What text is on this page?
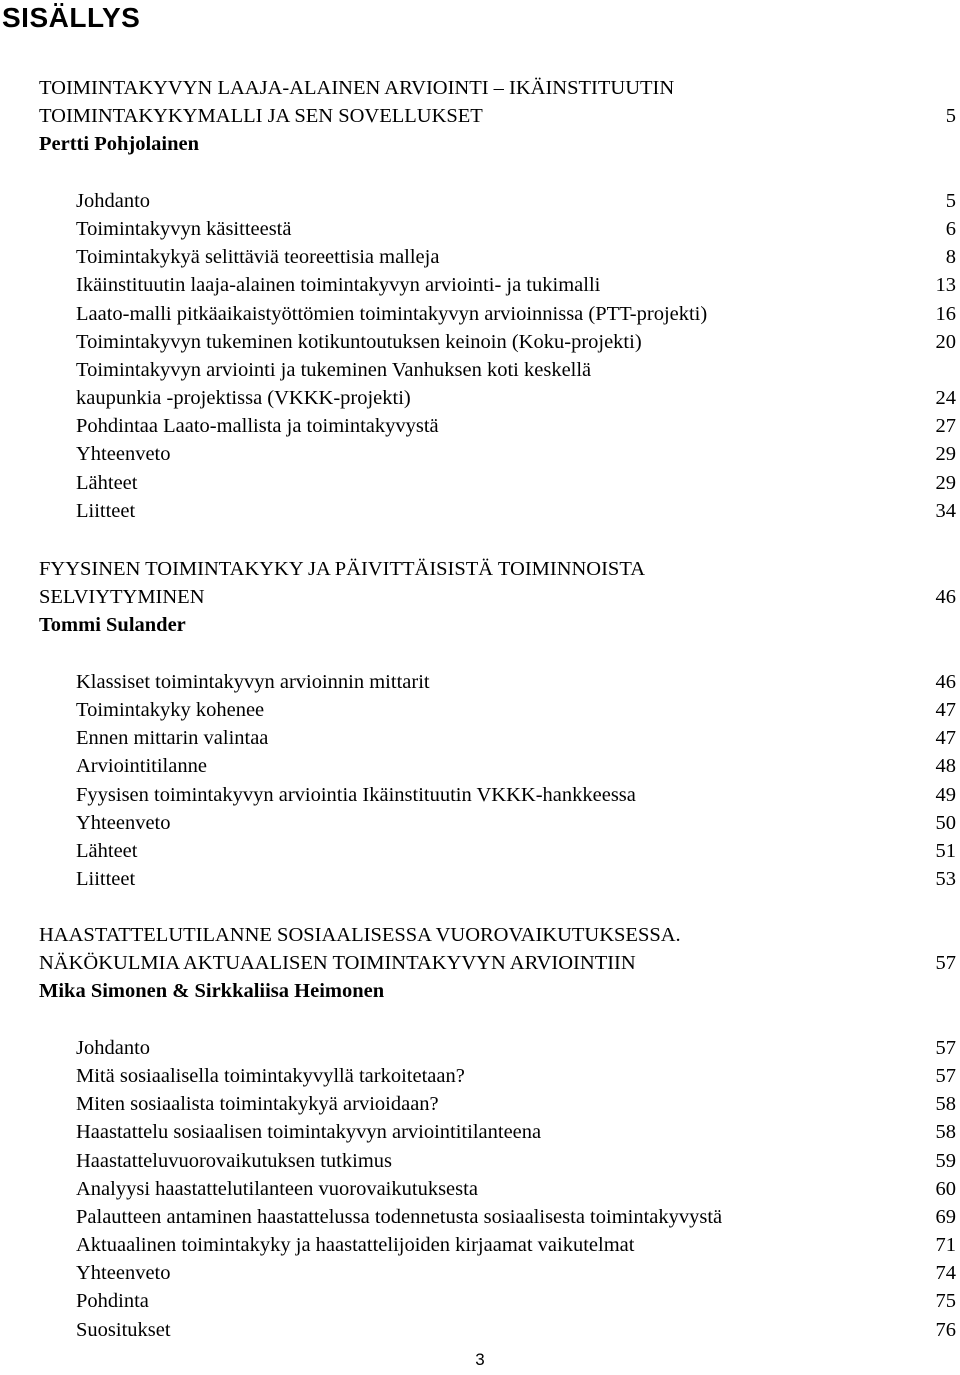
SISÄLLYS
TOIMINTAKYVYN LAAJA-ALAINEN ARVIOINTI – IKÄINSTITUUTIN
TOIMINTAKYKYMALLI JA SEN SOVELLUKSET	5
Pertti Pohjolainen
Johdanto	5
Toimintakyvyn käsitteestä	6
Toimintakykyä selittäviä teoreettisia malleja	8
Ikäinstituutin laaja-alainen toimintakyvyn arviointi- ja tukimalli	13
Laato-malli pitkäaikaistyöttömien toimintakyvyn arvioinnissa (PTT-projekti)	16
Toimintakyvyn tukeminen kotikuntoutuksen keinoin (Koku-projekti)	20
Toimintakyvyn arviointi ja tukeminen Vanhuksen koti keskellä
kaupunkia -projektissa (VKKK-projekti)	24
Pohdintaa Laato-mallista ja toimintakyvystä	27
Yhteenveto	29
Lähteet	29
Liitteet	34
FYYSINEN TOIMINTAKYKY JA PÄIVITTÄISISTÄ TOIMINNOISTA
SELVIYTYMINEN	46
Tommi Sulander
Klassiset toimintakyvyn arvioinnin mittarit	46
Toimintakyky kohenee	47
Ennen mittarin valintaa	47
Arviointitilanne	48
Fyysisen toimintakyvyn arviointia Ikäinstituutin VKKK-hankkeessa	49
Yhteenveto	50
Lähteet	51
Liitteet	53
HAASTATTELUTILANNE SOSIAALISESSA VUOROVAIKUTUKSESSA.
NÄKÖKULMIA AKTUAALISEN TOIMINTAKYVYN ARVIOINTIIN	57
Mika Simonen & Sirkkaliisa Heimonen
Johdanto	57
Mitä sosiaalisella toimintakyvyllä tarkoitetaan?	57
Miten sosiaalista toimintakykyä arvioidaan?	58
Haastattelu sosiaalisen toimintakyvyn arviointitilanteena	58
Haastatteluvuorovaikutuksen tutkimus	59
Analyysi haastattelutilanteen vuorovaikutuksesta	60
Palautteen antaminen haastattelussa todennetusta sosiaalisesta toimintakyvystä	69
Aktuaalinen toimintakyky ja haastattelijoiden kirjaamat vaikutelmat	71
Yhteenveto	74
Pohdinta	75
Suositukset	76
3
